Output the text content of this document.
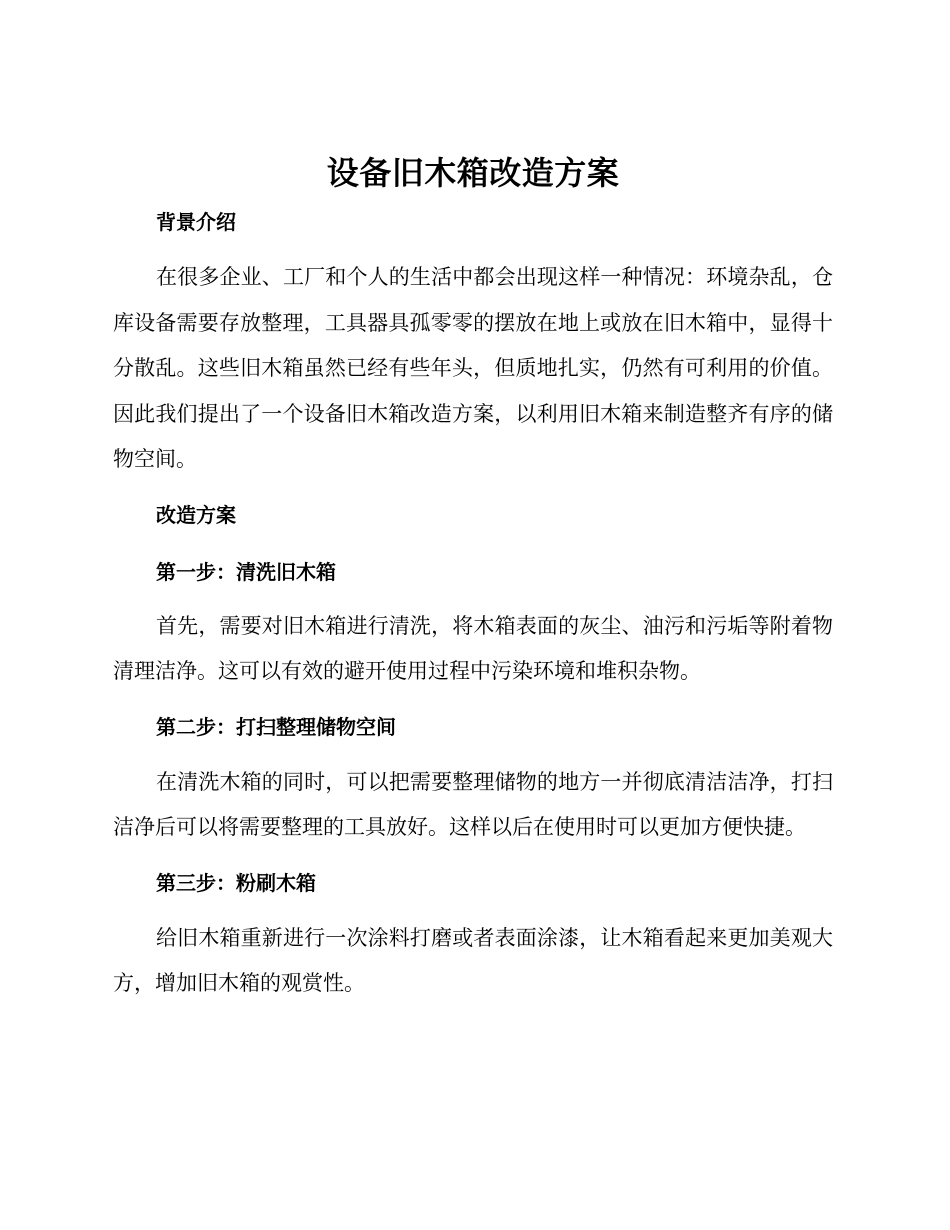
设备旧木箱改造方案
背景介绍

在很多企业、工厂和个人的生活中都会出现这样一种情况：环境杂乱，仓库设备需要存放整理，工具器具孤零零的摆放在地上或放在旧木箱中，显得十分散乱。这些旧木箱虽然已经有些年头，但质地扎实，仍然有可利用的价值。因此我们提出了一个设备旧木箱改造方案，以利用旧木箱来制造整齐有序的储物空间。

改造方案
第一步：清洗旧木箱

首先，需要对旧木箱进行清洗，将木箱表面的灰尘、油污和污垢等附着物清理洁净。这可以有效的避开使用过程中污染环境和堆积杂物。

第二步：打扫整理储物空间

在清洗木箱的同时，可以把需要整理储物的地方一并彻底清洁洁净，打扫洁净后可以将需要整理的工具放好。这样以后在使用时可以更加方便快捷。

第三步：粉刷木箱

给旧木箱重新进行一次涂料打磨或者表面涂漆，让木箱看起来更加美观大方，增加旧木箱的观赏性。
